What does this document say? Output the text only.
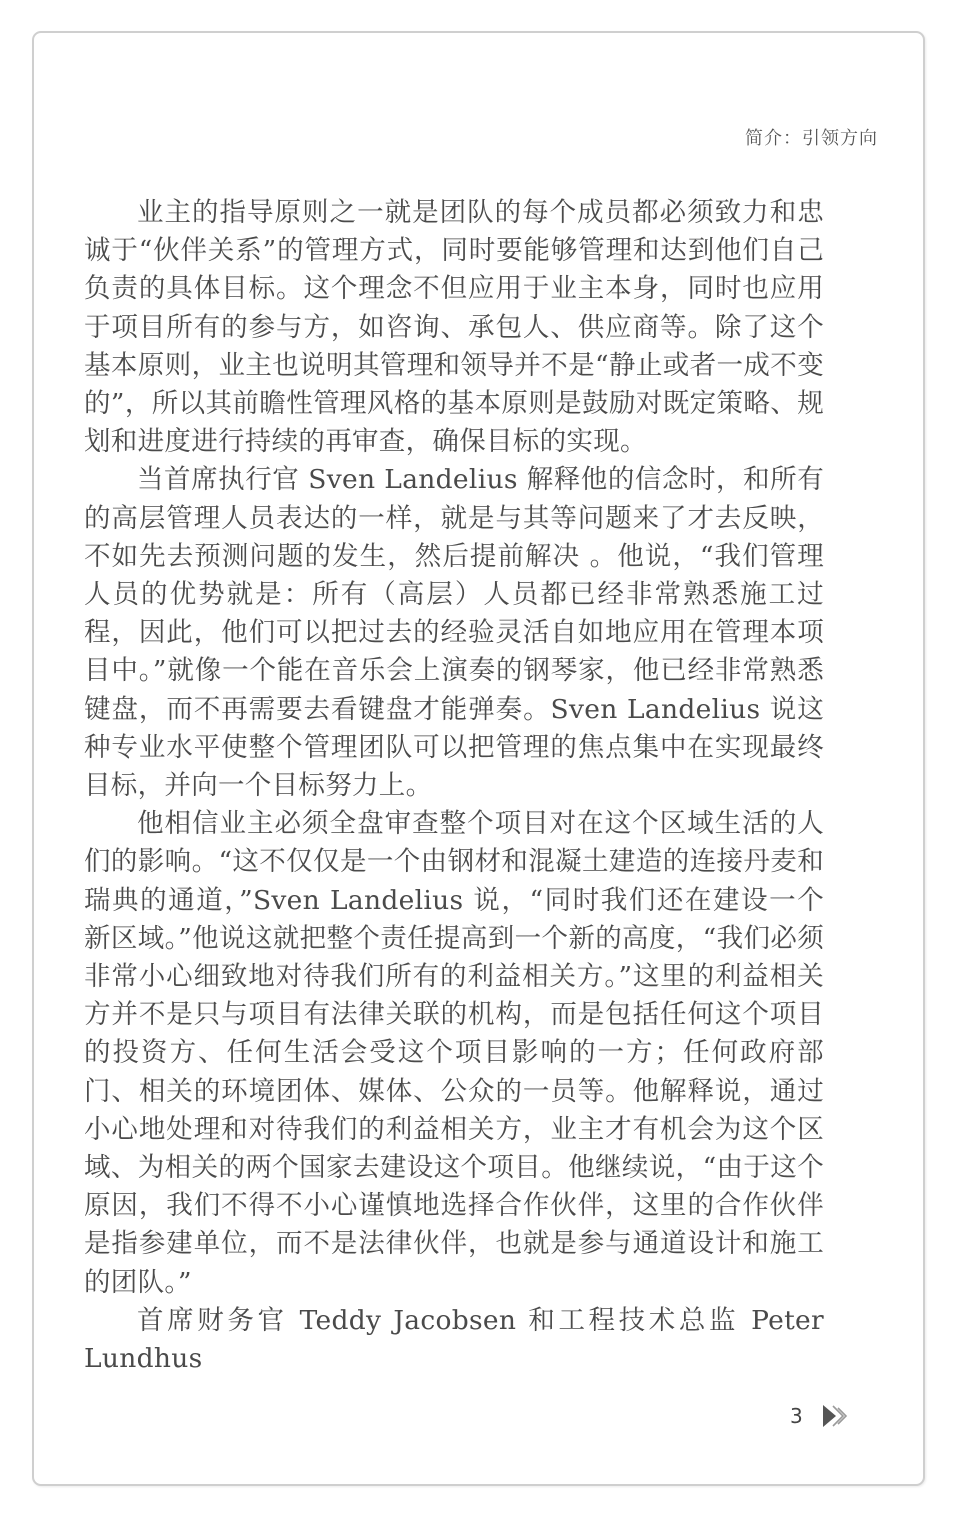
简介：引领方向

业主的指导原则之一就是团队的每个成员都必须致力和忠诚于“伙伴关系”的管理方式，同时要能够管理和达到他们自己负责的具体目标。这个理念不但应用于业主本身，同时也应用于项目所有的参与方，如咨询、承包人、供应商等。除了这个基本原则，业主也说明其管理和领导并不是“静止或者一成不变的”，所以其前瞻性管理风格的基本原则是鼓励对既定策略、规划和进度进行持续的再审查，确保目标的实现。

当首席执行官 Sven Landelius 解释他的信念时，和所有的高层管理人员表达的一样，就是与其等问题来了才去反映，不如先去预测问题的发生，然后提前解决 。他说，“我们管理人员的优势就是：所有（高层）人员都已经非常熟悉施工过程，因此，他们可以把过去的经验灵活自如地应用在管理本项目中。”就像一个能在音乐会上演奏的钢琴家，他已经非常熟悉键盘，而不再需要去看键盘才能弹奏。Sven Landelius 说这种专业水平使整个管理团队可以把管理的焦点集中在实现最终目标，并向一个目标努力上。

他相信业主必须全盘审查整个项目对在这个区域生活的人们的影响。“这不仅仅是一个由钢材和混凝土建造的连接丹麦和瑞典的通道，”Sven Landelius 说，“同时我们还在建设一个新区域。”他说这就把整个责任提高到一个新的高度，“我们必须非常小心细致地对待我们所有的利益相关方。”这里的利益相关方并不是只与项目有法律关联的机构，而是包括任何这个项目的投资方、任何生活会受这个项目影响的一方；任何政府部门、相关的环境团体、媒体、公众的一员等。他解释说，通过小心地处理和对待我们的利益相关方，业主才有机会为这个区域、为相关的两个国家去建设这个项目。他继续说，“由于这个原因，我们不得不小心谨慎地选择合作伙伴，这里的合作伙伴是指参建单位，而不是法律伙伴，也就是参与通道设计和施工的团队。”

首席财务官 Teddy Jacobsen 和工程技术总监 Peter Lundhus

3
